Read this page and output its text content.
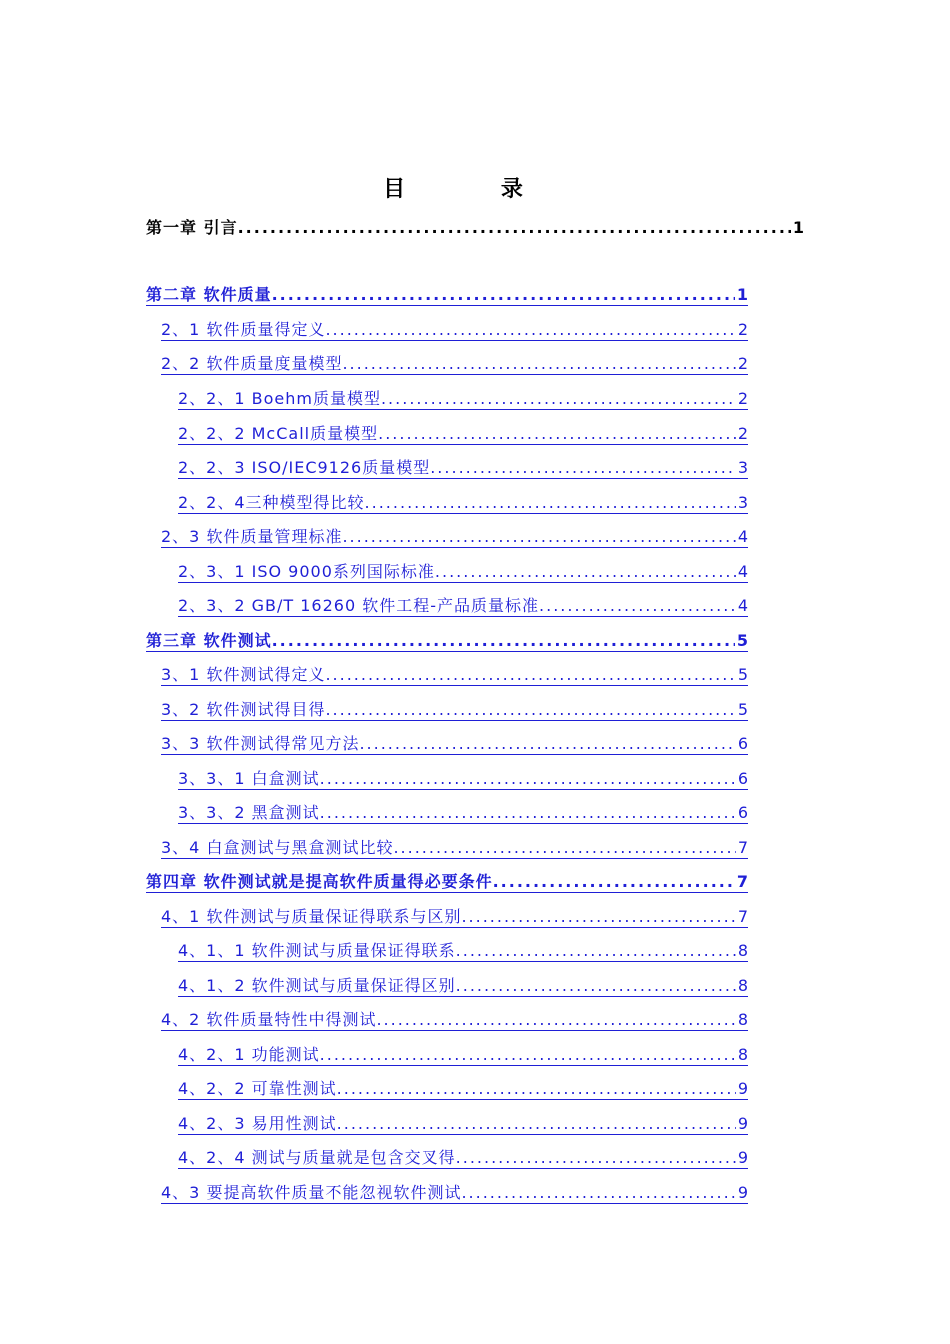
目 录
第一章 引言 .....	1
第二章 软件质量 .....	1
2、1 软件质量得定义 .....	2
2、2 软件质量度量模型 .....	2
2、2、1 Boehm质量模型 .....	2
2、2、2 McCall质量模型 .....	2
2、2、3 ISO/IEC9126质量模型 .....	3
2、2、4三种模型得比较 .....	3
2、3 软件质量管理标准 .....	4
2、3、1 ISO 9000系列国际标准 .....	4
2、3、2 GB/T 16260 软件工程-产品质量标准 .....	4
第三章 软件测试 .....	5
3、1 软件测试得定义 .....	5
3、2 软件测试得目得 .....	5
3、3 软件测试得常见方法 .....	6
3、3、1 白盒测试 .....	6
3、3、2 黑盒测试 .....	6
3、4 白盒测试与黑盒测试比较 .....	7
第四章 软件测试就是提高软件质量得必要条件 .....	7
4、1 软件测试与质量保证得联系与区别 .....	7
4、1、1 软件测试与质量保证得联系 .....	8
4、1、2 软件测试与质量保证得区别 .....	8
4、2 软件质量特性中得测试 .....	8
4、2、1 功能测试 .....	8
4、2、2 可靠性测试 .....	9
4、2、3 易用性测试 .....	9
4、2、4 测试与质量就是包含交叉得 .....	9
4、3 要提高软件质量不能忽视软件测试 .....	9
